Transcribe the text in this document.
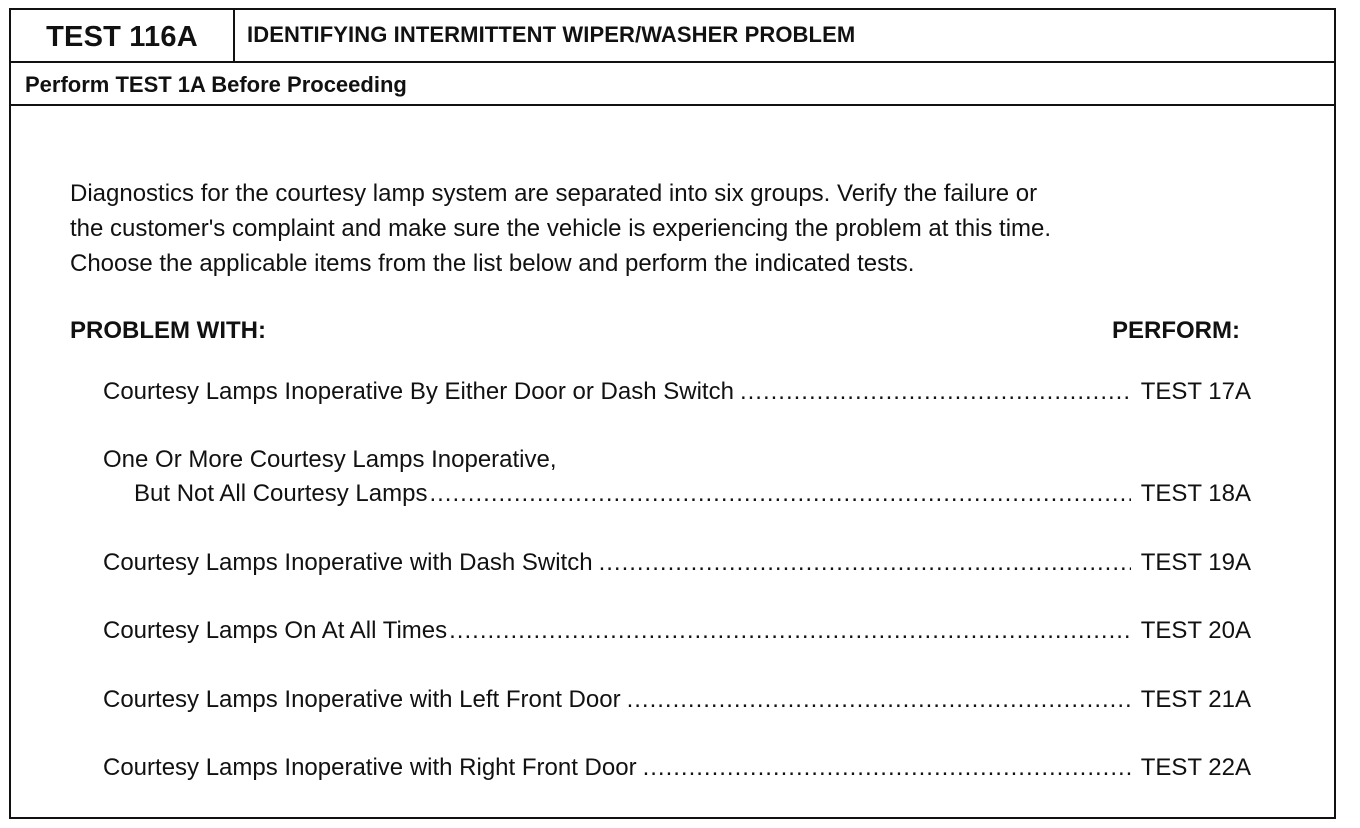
TEST 116A	IDENTIFYING INTERMITTENT WIPER/WASHER PROBLEM
Perform TEST 1A Before Proceeding

Diagnostics for the courtesy lamp system are separated into six groups. Verify the failure or
the customer's complaint and make sure the vehicle is experiencing the problem at this time.
Choose the applicable items from the list below and perform the indicated tests.

PROBLEM WITH:	PERFORM:
Courtesy Lamps Inoperative By Either Door or Dash Switch .....	TEST 17A
One Or More Courtesy Lamps Inoperative,
But Not All Courtesy Lamps .....	TEST 18A
Courtesy Lamps Inoperative with Dash Switch .....	TEST 19A
Courtesy Lamps On At All Times .....	TEST 20A
Courtesy Lamps Inoperative with Left Front Door .....	TEST 21A
Courtesy Lamps Inoperative with Right Front Door .....	TEST 22A
